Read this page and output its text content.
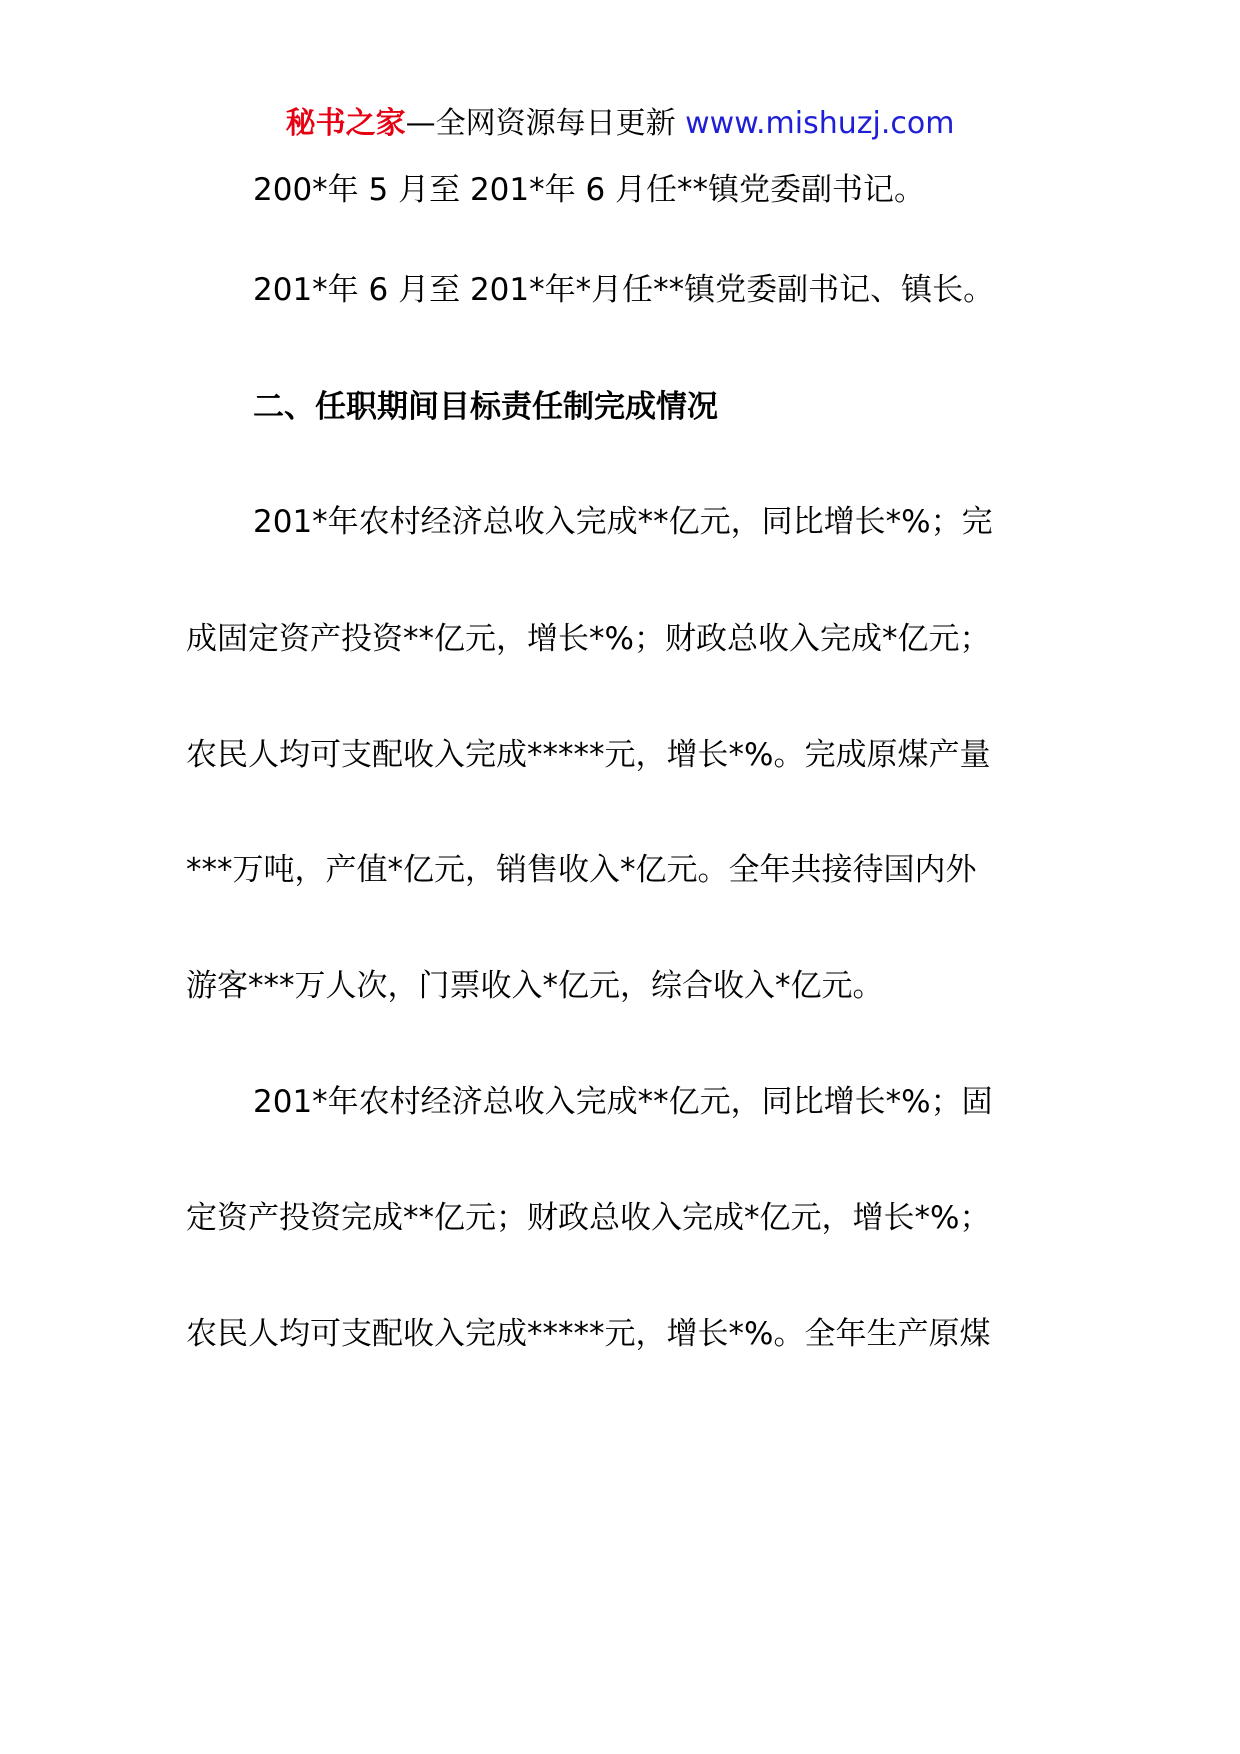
秘书之家—全网资源每日更新 www.mishuzj.com
200*年 5 月至 201*年 6 月任**镇党委副书记。
201*年 6 月至 201*年*月任**镇党委副书记、镇长。
二、任职期间目标责任制完成情况
201*年农村经济总收入完成**亿元，同比增长*%；完
成固定资产投资**亿元，增长*%；财政总收入完成*亿元；
农民人均可支配收入完成*****元，增长*%。完成原煤产量
***万吨，产值*亿元，销售收入*亿元。全年共接待国内外
游客***万人次，门票收入*亿元，综合收入*亿元。
201*年农村经济总收入完成**亿元，同比增长*%；固
定资产投资完成**亿元；财政总收入完成*亿元，增长*%；
农民人均可支配收入完成*****元，增长*%。全年生产原煤
